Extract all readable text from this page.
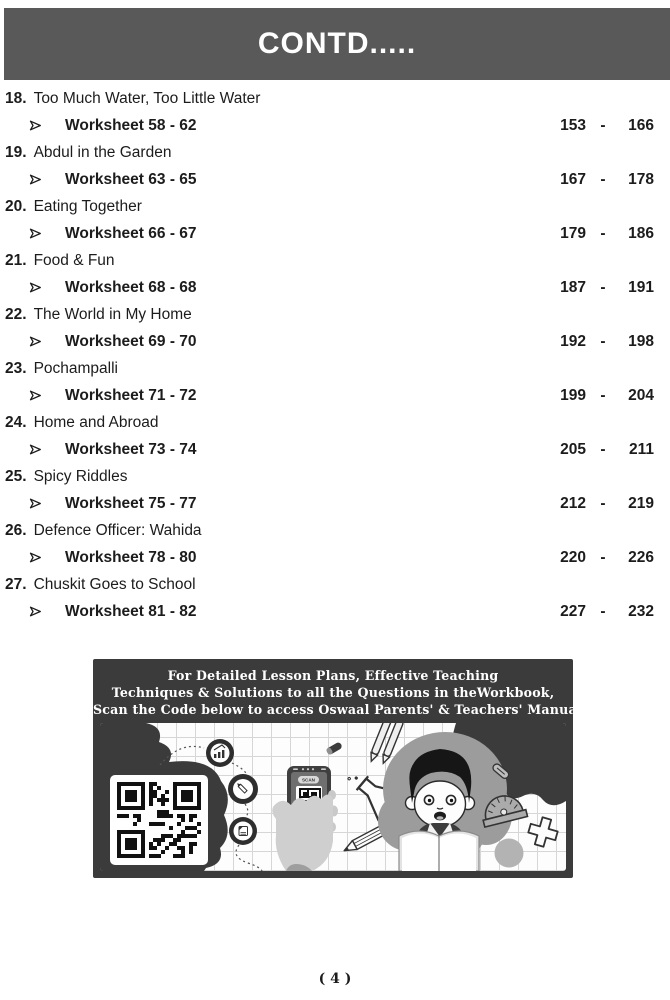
CONTD.....
18. Too Much Water, Too Little Water
Worksheet 58 - 62	153 -	166
19. Abdul in the Garden
Worksheet 63 - 65	167 -	178
20. Eating Together
Worksheet 66 - 67	179 -	186
21. Food & Fun
Worksheet 68 - 68	187 -	191
22. The World in My Home
Worksheet 69 - 70	192 -	198
23. Pochampalli
Worksheet 71 - 72	199 -	204
24. Home and Abroad
Worksheet 73 - 74	205 -	211
25. Spicy Riddles
Worksheet 75 - 77	212 -	219
26. Defence Officer: Wahida
Worksheet 78 - 80	220 -	226
27. Chuskit Goes to School
Worksheet 81 - 82	227 -	232
For Detailed Lesson Plans, Effective Teaching
Techniques & Solutions to all the Questions in theWorkbook,
Scan the Code below to access Oswaal Parents' & Teachers' Manual
SCAN
( 4 )
